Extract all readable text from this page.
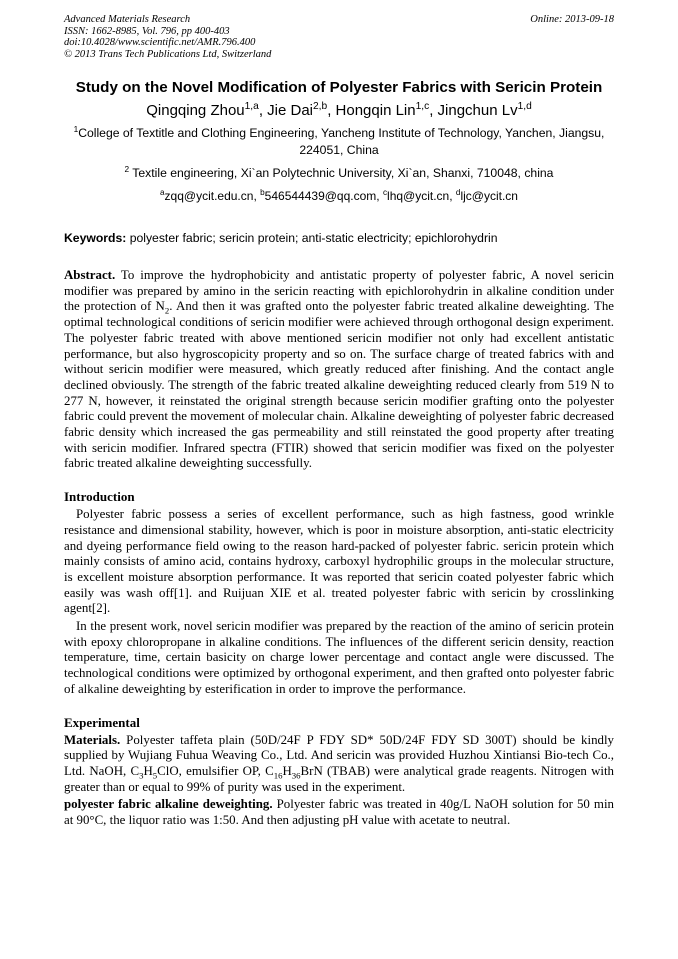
Advanced Materials Research
ISSN: 1662-8985, Vol. 796, pp 400-403
doi:10.4028/www.scientific.net/AMR.796.400
© 2013 Trans Tech Publications Ltd, Switzerland
Online: 2013-09-18
Study on the Novel Modification of Polyester Fabrics with Sericin Protein
Qingqing Zhou$^{1,a}$, Jie Dai$^{2,b}$, Hongqin Lin$^{1,c}$, Jingchun Lv$^{1,d}$
$^1$College of Textitle and Clothing Engineering, Yancheng Institute of Technology, Yanchen, Jiangsu, 224051, China
$^2$ Textile engineering, Xi`an Polytechnic University, Xi`an, Shanxi, 710048, china
$^a$zqq@ycit.edu.cn, $^b$546544439@qq.com, $^c$lhq@ycit.cn, $^d$ljc@ycit.cn
Keywords: polyester fabric; sericin protein; anti-static electricity; epichlorohydrin
Abstract. To improve the hydrophobicity and antistatic property of polyester fabric, A novel sericin modifier was prepared by amino in the sericin reacting with epichlorohydrin in alkaline condition under the protection of $N_2$. And then it was grafted onto the polyester fabric treated alkaline deweighting. The optimal technological conditions of sericin modifier were achieved through orthogonal design experiment. The polyester fabric treated with above mentioned sericin modifier not only had excellent antistatic performance, but also hygroscopicity property and so on. The surface charge of treated fabrics with and without sericin modifier were measured, which greatly reduced after finishing. And the contact angle declined obviously. The strength of the fabric treated alkaline deweighting reduced clearly from 519 N to 277 N, however, it reinstated the original strength because sericin modifier grafting onto the polyester fabric could prevent the movement of molecular chain. Alkaline deweighting of polyester fabric decreased fabric density which increased the gas permeability and still reinstated the good property after treating with sericin modifier. Infrared spectra (FTIR) showed that sericin modifier was fixed on the polyester fabric treated alkaline deweighting successfully.
Introduction
Polyester fabric possess a series of excellent performance, such as high fastness, good wrinkle resistance and dimensional stability, however, which is poor in moisture absorption, anti-static electricity and dyeing performance field owing to the reason hard-packed of polyester fabric. sericin protein which mainly consists of amino acid, contains hydroxy, carboxyl hydrophilic groups in the molecular structure, is excellent moisture absorption performance. It was reported that sericin coated polyester fabric which easily was wash off[1]. and Ruijuan XIE et al. treated polyester fabric with sericin by crosslinking agent[2].
In the present work, novel sericin modifier was prepared by the reaction of the amino of sericin protein with epoxy chloropropane in alkaline conditions. The influences of the different sericin density, reaction temperature, time, certain basicity on charge lower percentage and contact angle were discussed. The technological conditions were optimized by orthogonal experiment, and then grafted onto polyester fabric of alkaline deweighting by esterification in order to improve the performance.
Experimental
Materials. Polyester taffeta plain (50D/24F P FDY SD* 50D/24F FDY SD 300T) should be kindly supplied by Wujiang Fuhua Weaving Co., Ltd. And sericin was provided Huzhou Xintiansi Bio-tech Co., Ltd. NaOH, $C_3H_5ClO$, emulsifier OP, $C_{16}H_{36}BrN$ (TBAB) were analytical grade reagents. Nitrogen with greater than or equal to 99% of purity was used in the experiment.
polyester fabric alkaline deweighting. Polyester fabric was treated in 40g/L NaOH solution for 50 min at 90°C, the liquor ratio was 1:50. And then adjusting pH value with acetate to neutral.
